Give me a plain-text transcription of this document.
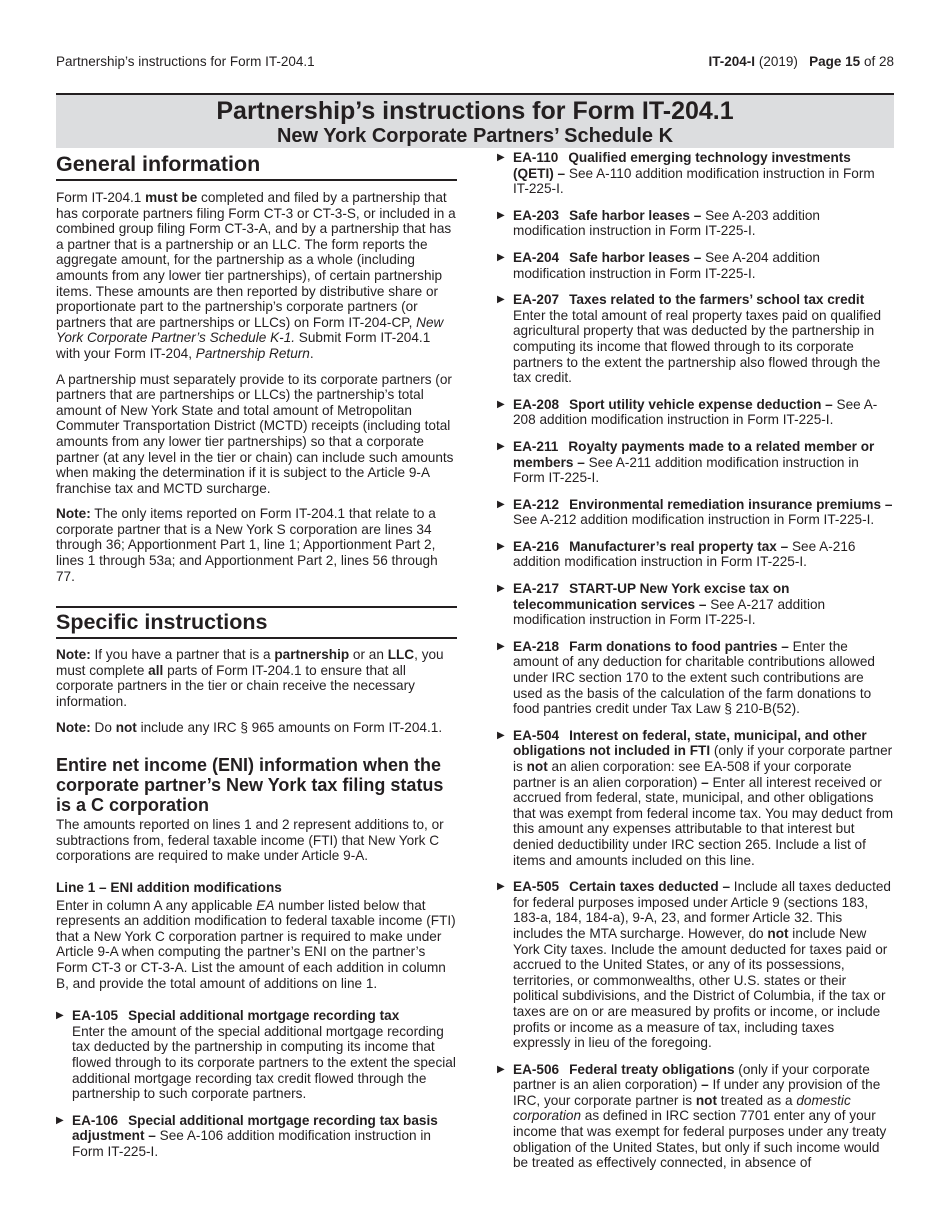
Partnership’s instructions for Form IT-204.1	IT-204-I (2019) Page 15 of 28
Partnership’s instructions for Form IT-204.1
New York Corporate Partners’ Schedule K
General information

Form IT-204.1 must be completed and filed by a partnership that has corporate partners filing Form CT-3 or CT-3-S, or included in a combined group filing Form CT-3-A, and by a partnership that has a partner that is a partnership or an LLC. The form reports the aggregate amount, for the partnership as a whole (including amounts from any lower tier partnerships), of certain partnership items. These amounts are then reported by distributive share or proportionate part to the partnership’s corporate partners (or partners that are partnerships or LLCs) on Form IT-204-CP, New York Corporate Partner’s Schedule K-1. Submit Form IT-204.1 with your Form IT-204, Partnership Return.

A partnership must separately provide to its corporate partners (or partners that are partnerships or LLCs) the partnership’s total amount of New York State and total amount of Metropolitan Commuter Transportation District (MCTD) receipts (including total amounts from any lower tier partnerships) so that a corporate partner (at any level in the tier or chain) can include such amounts when making the determination if it is subject to the Article 9-A franchise tax and MCTD surcharge.

Note: The only items reported on Form IT-204.1 that relate to a corporate partner that is a New York S corporation are lines 34 through 36; Apportionment Part 1, line 1; Apportionment Part 2, lines 1 through 53a; and Apportionment Part 2, lines 56 through 77.

Specific instructions

Note: If you have a partner that is a partnership or an LLC, you must complete all parts of Form IT-204.1 to ensure that all corporate partners in the tier or chain receive the necessary information.

Note: Do not include any IRC § 965 amounts on Form IT-204.1.

Entire net income (ENI) information when the corporate partner’s New York tax filing status is a C corporation

The amounts reported on lines 1 and 2 represent additions to, or subtractions from, federal taxable income (FTI) that New York C corporations are required to make under Article 9-A.

Line 1 – ENI addition modifications

Enter in column A any applicable EA number listed below that represents an addition modification to federal taxable income (FTI) that a New York C corporation partner is required to make under Article 9-A when computing the partner’s ENI on the partner’s Form CT-3 or CT-3-A. List the amount of each addition in column B, and provide the total amount of additions on line 1.

▶ EA-105 Special additional mortgage recording tax
Enter the amount of the special additional mortgage recording tax deducted by the partnership in computing its income that flowed through to its corporate partners to the extent the special additional mortgage recording tax credit flowed through the partnership to such corporate partners.
▶ EA-106 Special additional mortgage recording tax basis adjustment – See A-106 addition modification instruction in Form IT-225-I.
▶ EA-110 Qualified emerging technology investments (QETI) – See A-110 addition modification instruction in Form IT-225-I.
▶ EA-203 Safe harbor leases – See A-203 addition modification instruction in Form IT-225-I.
▶ EA-204 Safe harbor leases – See A-204 addition modification instruction in Form IT-225-I.
▶ EA-207 Taxes related to the farmers’ school tax credit
Enter the total amount of real property taxes paid on qualified agricultural property that was deducted by the partnership in computing its income that flowed through to its corporate partners to the extent the partnership also flowed through the tax credit.
▶ EA-208 Sport utility vehicle expense deduction – See A-208 addition modification instruction in Form IT-225-I.
▶ EA-211 Royalty payments made to a related member or members – See A-211 addition modification instruction in Form IT-225-I.
▶ EA-212 Environmental remediation insurance premiums – See A-212 addition modification instruction in Form IT-225-I.
▶ EA-216 Manufacturer’s real property tax – See A-216 addition modification instruction in Form IT-225-I.
▶ EA-217 START-UP New York excise tax on telecommunication services – See A-217 addition modification instruction in Form IT-225-I.
▶ EA-218 Farm donations to food pantries – Enter the amount of any deduction for charitable contributions allowed under IRC section 170 to the extent such contributions are used as the basis of the calculation of the farm donations to food pantries credit under Tax Law § 210-B(52).
▶ EA-504 Interest on federal, state, municipal, and other obligations not included in FTI (only if your corporate partner is not an alien corporation: see EA-508 if your corporate partner is an alien corporation) – Enter all interest received or accrued from federal, state, municipal, and other obligations that was exempt from federal income tax. You may deduct from this amount any expenses attributable to that interest but denied deductibility under IRC section 265. Include a list of items and amounts included on this line.
▶ EA-505 Certain taxes deducted – Include all taxes deducted for federal purposes imposed under Article 9 (sections 183, 183-a, 184, 184-a), 9-A, 23, and former Article 32. This includes the MTA surcharge. However, do not include New York City taxes. Include the amount deducted for taxes paid or accrued to the United States, or any of its possessions, territories, or commonwealths, other U.S. states or their political subdivisions, and the District of Columbia, if the tax or taxes are on or are measured by profits or income, or include profits or income as a measure of tax, including taxes expressly in lieu of the foregoing.
▶ EA-506 Federal treaty obligations (only if your corporate partner is an alien corporation) – If under any provision of the IRC, your corporate partner is not treated as a domestic corporation as defined in IRC section 7701 enter any of your income that was exempt for federal purposes under any treaty obligation of the United States, but only if such income would be treated as effectively connected, in absence of
